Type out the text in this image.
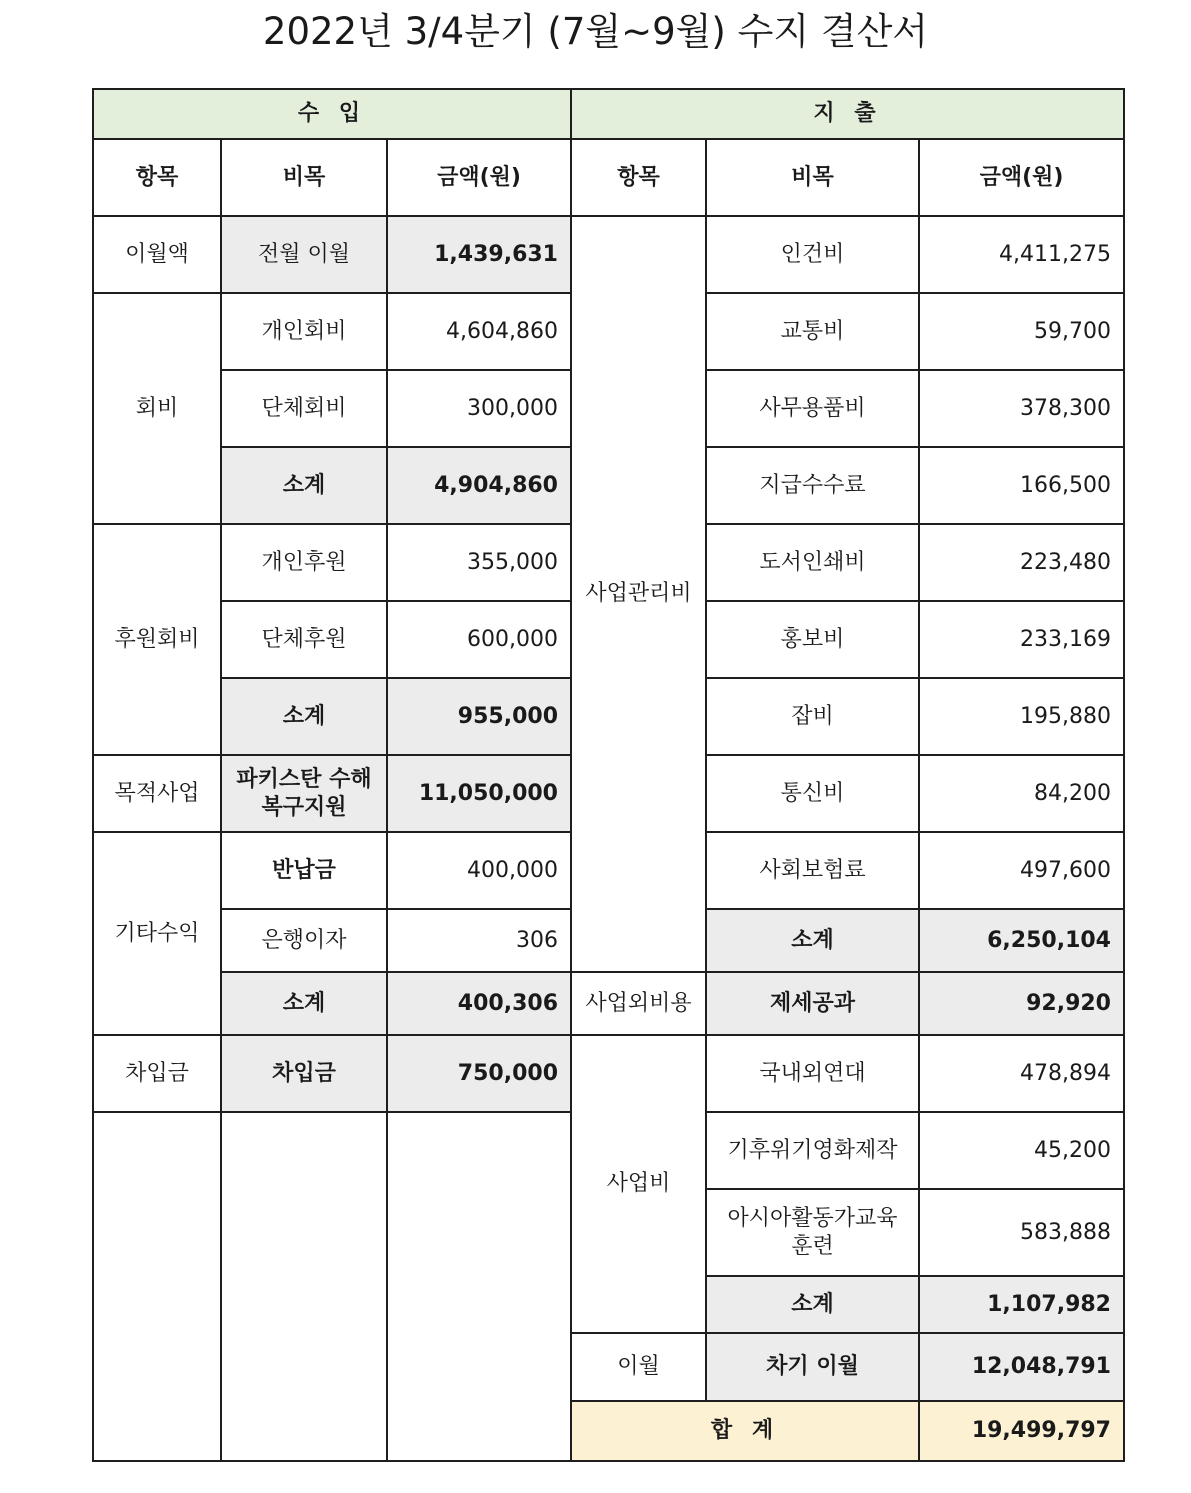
2022년 3/4분기 (7월~9월) 수지 결산서
수 입			지 출			
항목	비목	금액(원)	항목	비목	금액(원)	
이월액	전월 이월	1,439,631	사업관리비	인건비	4,411,275	
회비	개인회비	4,604,860		교통비	59,700	
	단체회비	300,000		사무용품비	378,300	
	소계	4,904,860		지급수수료	166,500	
후원회비	개인후원	355,000		도서인쇄비	223,480	
	단체후원	600,000		홍보비	233,169	
	소계	955,000		잡비	195,880	
목적사업	파키스탄 수해
복구지원	11,050,000		통신비	84,200	
기타수익	반납금	400,000		사회보험료	497,600	
	은행이자	306		소계	6,250,104	
	소계	400,306	사업외비용	제세공과	92,920	
차입금	차입금	750,000	사업비	국내외연대	478,894	
				기후위기영화제작	45,200	

				아시아활동가교육
훈련	583,888	
				소계	1,107,982	
			이월	차기 이월	12,048,791	
			합 계		19,499,797		
